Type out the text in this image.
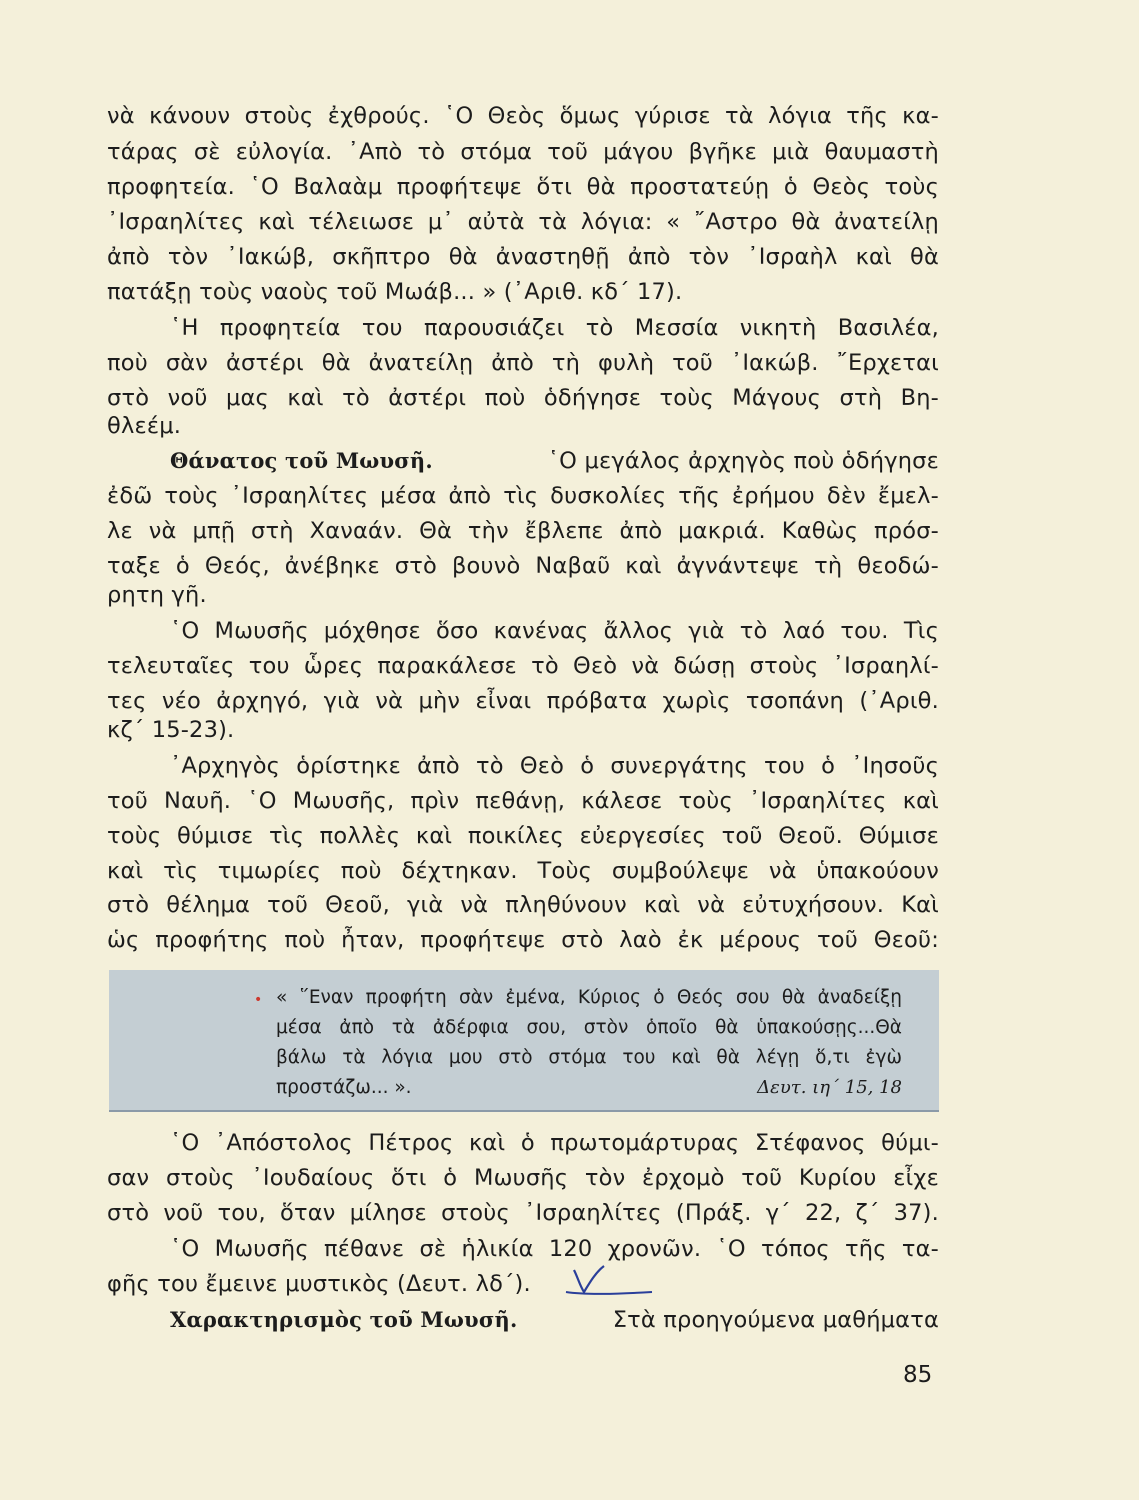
νὰ κάνουν στοὺς ἐχθρούς. ῾Ο Θεὸς ὅμως γύρισε τὰ λόγια τῆς κα-
τάρας σὲ εὐλογία. ᾿Απὸ τὸ στόμα τοῦ μάγου βγῆκε μιὰ θαυμαστὴ
προφητεία. ῾Ο Βαλαὰμ προφήτεψε ὅτι θὰ προστατεύῃ ὁ Θεὸς τοὺς
᾿Ισραηλίτες καὶ τέλειωσε μ᾿ αὐτὰ τὰ λόγια: « ῎Αστρο θὰ ἀνατείλῃ
ἀπὸ τὸν ᾿Ιακώβ, σκῆπτρο θὰ ἀναστηθῇ ἀπὸ τὸν ᾿Ισραὴλ καὶ θὰ
πατάξῃ τοὺς ναοὺς τοῦ Μωάβ... » (᾿Αριθ. κδ΄ 17).
῾Η προφητεία του παρουσιάζει τὸ Μεσσία νικητὴ Βασιλέα,
ποὺ σὰν ἀστέρι θὰ ἀνατείλῃ ἀπὸ τὴ φυλὴ τοῦ ᾿Ιακώβ. ῎Ερχεται
στὸ νοῦ μας καὶ τὸ ἀστέρι ποὺ ὁδήγησε τοὺς Μάγους στὴ Βη-
θλεέμ.
Θάνατος τοῦ Μωυσῆ.	῾Ο μεγάλος ἀρχηγὸς ποὺ ὁδήγησε
ἐδῶ τοὺς ᾿Ισραηλίτες μέσα ἀπὸ τὶς δυσκολίες τῆς ἐρήμου δὲν ἔμελ-
λε νὰ μπῇ στὴ Χαναάν. Θὰ τὴν ἔβλεπε ἀπὸ μακριά. Καθὼς πρόσ-
ταξε ὁ Θεός, ἀνέβηκε στὸ βουνὸ Ναβαῦ καὶ ἀγνάντεψε τὴ θεοδώ-
ρητη γῆ.
῾Ο Μωυσῆς μόχθησε ὅσο κανένας ἄλλος γιὰ τὸ λαό του. Τὶς
τελευταῖες του ὧρες παρακάλεσε τὸ Θεὸ νὰ δώσῃ στοὺς ᾿Ισραηλί-
τες νέο ἀρχηγό, γιὰ νὰ μὴν εἶναι πρόβατα χωρὶς τσοπάνη (᾿Αριθ.
κζ΄ 15-23).
᾿Αρχηγὸς ὁρίστηκε ἀπὸ τὸ Θεὸ ὁ συνεργάτης του ὁ ᾿Ιησοῦς
τοῦ Ναυῆ. ῾Ο Μωυσῆς, πρὶν πεθάνῃ, κάλεσε τοὺς ᾿Ισραηλίτες καὶ
τοὺς θύμισε τὶς πολλὲς καὶ ποικίλες εὐεργεσίες τοῦ Θεοῦ. Θύμισε
καὶ τὶς τιμωρίες ποὺ δέχτηκαν. Τοὺς συμβούλεψε νὰ ὑπακούουν
στὸ θέλημα τοῦ Θεοῦ, γιὰ νὰ πληθύνουν καὶ νὰ εὐτυχήσουν. Καὶ
ὡς προφήτης ποὺ ἦταν, προφήτεψε στὸ λαὸ ἐκ μέρους τοῦ Θεοῦ:
• « ῞Εναν προφήτη σὰν ἐμένα, Κύριος ὁ Θεός σου θὰ ἀναδείξῃ
μέσα ἀπὸ τὰ ἀδέρφια σου, στὸν ὁποῖο θὰ ὑπακούσῃς...Θὰ
βάλω τὰ λόγια μου στὸ στόμα του καὶ θὰ λέγῃ ὅ,τι ἐγὼ
προστάζω... ».	Δευτ. ιη΄ 15, 18
῾Ο ᾿Απόστολος Πέτρος καὶ ὁ πρωτομάρτυρας Στέφανος θύμι-
σαν στοὺς ᾿Ιουδαίους ὅτι ὁ Μωυσῆς τὸν ἐρχομὸ τοῦ Κυρίου εἶχε
στὸ νοῦ του, ὅταν μίλησε στοὺς ᾿Ισραηλίτες (Πράξ. γ΄ 22, ζ΄ 37).
῾Ο Μωυσῆς πέθανε σὲ ἡλικία 120 χρονῶν. ῾Ο τόπος τῆς τα-
φῆς του ἔμεινε μυστικὸς (Δευτ. λδ΄).
Χαρακτηρισμὸς τοῦ Μωυσῆ.	Στὰ προηγούμενα μαθήματα
85
